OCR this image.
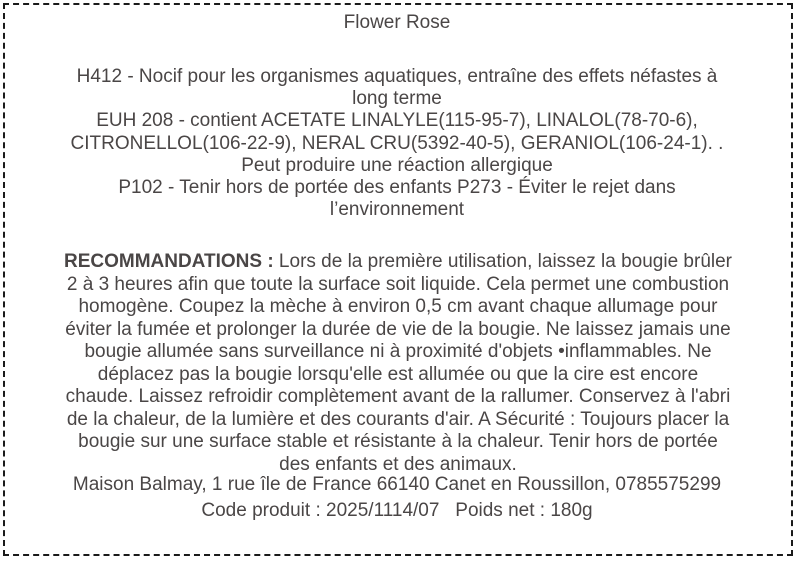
Flower Rose
H412 - Nocif pour les organismes aquatiques, entraîne des effets néfastes à
long terme
EUH 208 - contient ACETATE LINALYLE(115-95-7), LINALOL(78-70-6),
CITRONELLOL(106-22-9), NERAL CRU(5392-40-5), GERANIOL(106-24-1). .
Peut produire une réaction allergique
P102 - Tenir hors de portée des enfants P273 - Éviter le rejet dans
l’environnement
RECOMMANDATIONS : Lors de la première utilisation, laissez la bougie brûler
2 à 3 heures afin que toute la surface soit liquide. Cela permet une combustion
homogène. Coupez la mèche à environ 0,5 cm avant chaque allumage pour
éviter la fumée et prolonger la durée de vie de la bougie. Ne laissez jamais une
bougie allumée sans surveillance ni à proximité d'objets •inflammables. Ne
déplacez pas la bougie lorsqu'elle est allumée ou que la cire est encore
chaude. Laissez refroidir complètement avant de la rallumer. Conservez à l'abri
de la chaleur, de la lumière et des courants d'air. A Sécurité : Toujours placer la
bougie sur une surface stable et résistante à la chaleur. Tenir hors de portée
des enfants et des animaux.
Maison Balmay, 1 rue île de France 66140 Canet en Roussillon, 0785575299
Code produit : 2025/1114/07   Poids net : 180g
